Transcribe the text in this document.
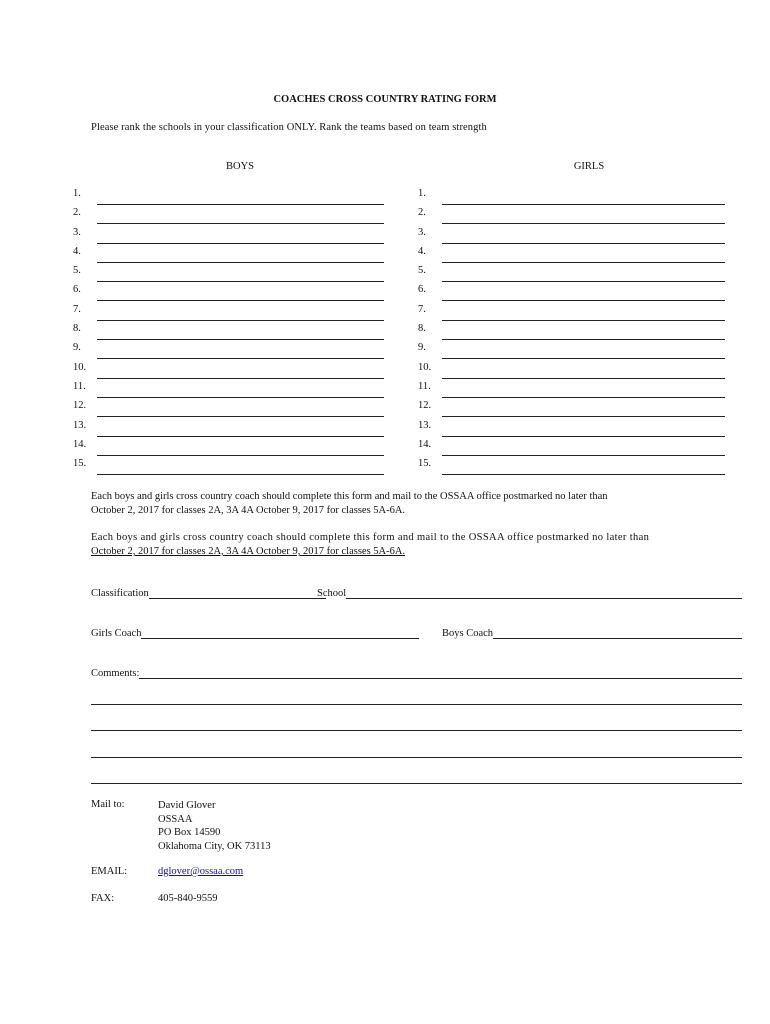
COACHES CROSS COUNTRY RATING FORM
Please rank the schools in your classification ONLY. Rank the teams based on team strength
BOYS	GIRLS
1.
2.
3.
4.
5.
6.
7.
8.
9.
10.
11.
12.
13.
14.
15.
1.
2.
3.
4.
5.
6.
7.
8.
9.
10.
11.
12.
13.
14.
15.
Each boys and girls cross country coach should complete this form and mail to the OSSAA office postmarked no later than
October 2, 2017 for classes 2A, 3A 4A October 9, 2017 for classes 5A-6A.
Each boys and girls cross country coach should complete this form and mail to the OSSAA office postmarked no later than
October 2, 2017 for classes 2A, 3A 4A October 9, 2017 for classes 5A-6A.
Classification	School
Girls Coach	Boys Coach
Comments:
Mail to:	David Glover
OSSAA
PO Box 14590
Oklahoma City, OK 73113
EMAIL:	dglover@ossaa.com
FAX:	405-840-9559
